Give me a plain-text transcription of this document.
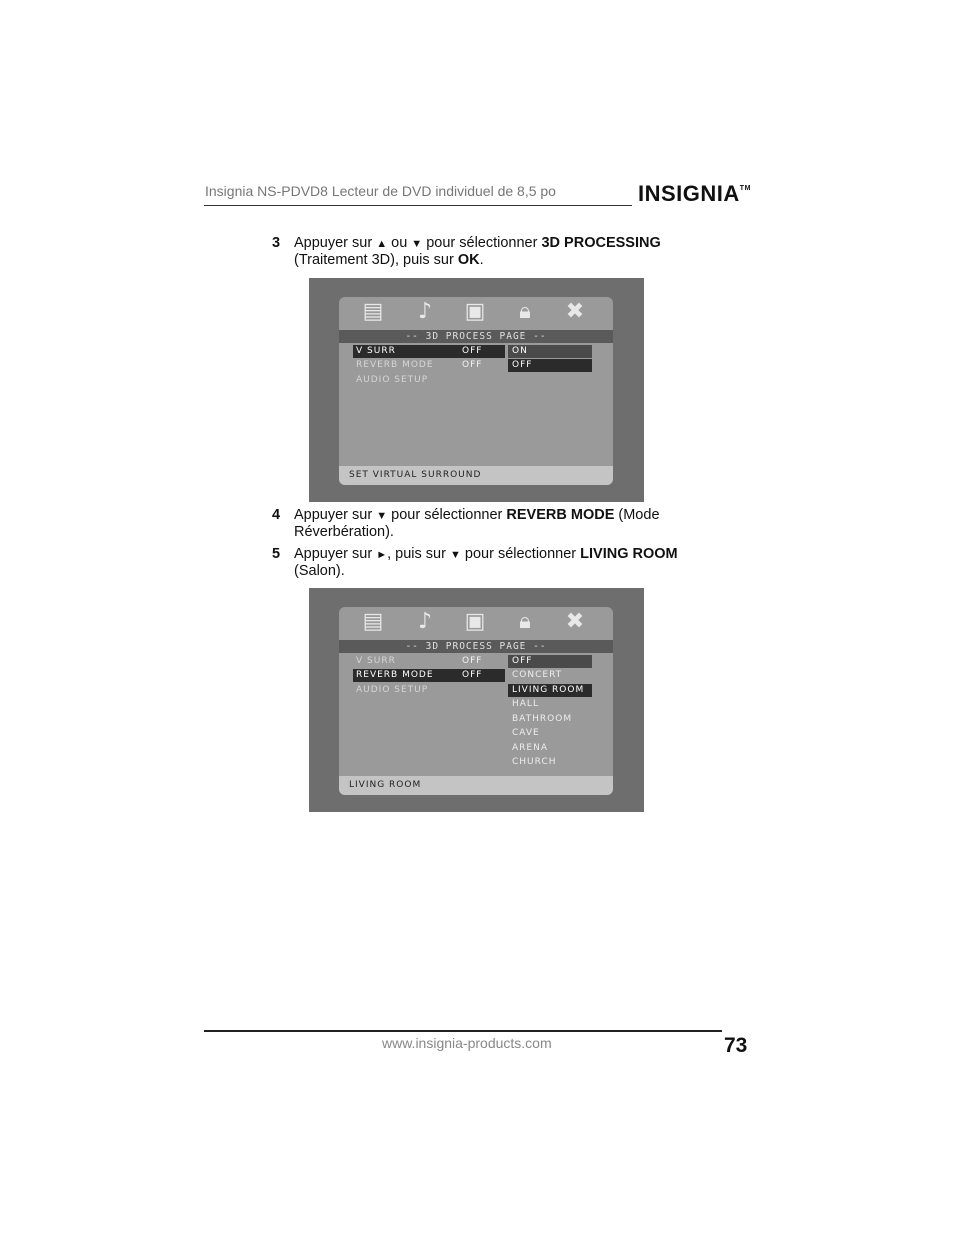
Insignia NS-PDVD8 Lecteur de DVD individuel de 8,5 po	INSIGNIA™
3 Appuyer sur ▲ ou ▼ pour sélectionner 3D PROCESSING
(Traitement 3D), puis sur OK.
▤	♪	▣	🔒︎	✖
-- 3D PROCESS PAGE --
V SURR	OFF
REVERB MODE	OFF
AUDIO SETUP
ON
OFF
SET VIRTUAL SURROUND
4 Appuyer sur ▼ pour sélectionner REVERB MODE (Mode
Réverbération).
5 Appuyer sur ►, puis sur ▼ pour sélectionner LIVING ROOM
(Salon).
▤	♪	▣	🔒︎	✖
-- 3D PROCESS PAGE --
V SURR	OFF
REVERB MODE	OFF
AUDIO SETUP
OFF
CONCERT
LIVING ROOM
HALL
BATHROOM
CAVE
ARENA
CHURCH
LIVING ROOM
www.insignia-products.com	73
